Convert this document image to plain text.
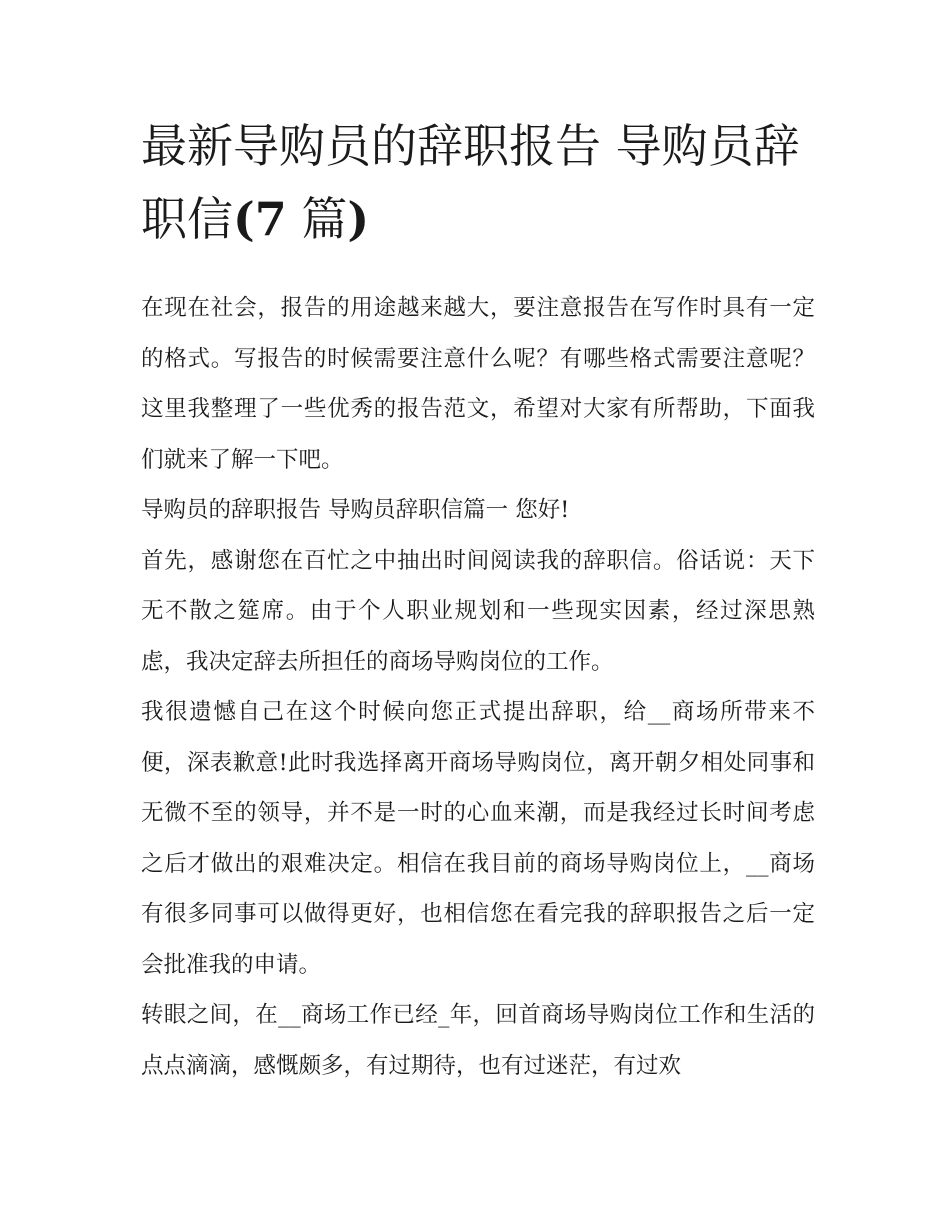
最新导购员的辞职报告 导购员辞职信(7 篇)

在现在社会，报告的用途越来越大，要注意报告在写作时具有一定的格式。写报告的时候需要注意什么呢？有哪些格式需要注意呢？这里我整理了一些优秀的报告范文，希望对大家有所帮助，下面我们就来了解一下吧。

导购员的辞职报告 导购员辞职信篇一 您好!

首先，感谢您在百忙之中抽出时间阅读我的辞职信。俗话说：天下无不散之筵席。由于个人职业规划和一些现实因素，经过深思熟虑，我决定辞去所担任的商场导购岗位的工作。

我很遗憾自己在这个时候向您正式提出辞职，给__商场所带来不便，深表歉意!此时我选择离开商场导购岗位，离开朝夕相处同事和无微不至的领导，并不是一时的心血来潮，而是我经过长时间考虑之后才做出的艰难决定。相信在我目前的商场导购岗位上，__商场有很多同事可以做得更好，也相信您在看完我的辞职报告之后一定会批准我的申请。

转眼之间，在__商场工作已经_年，回首商场导购岗位工作和生活的点点滴滴，感慨颇多，有过期待，也有过迷茫，有过欢
